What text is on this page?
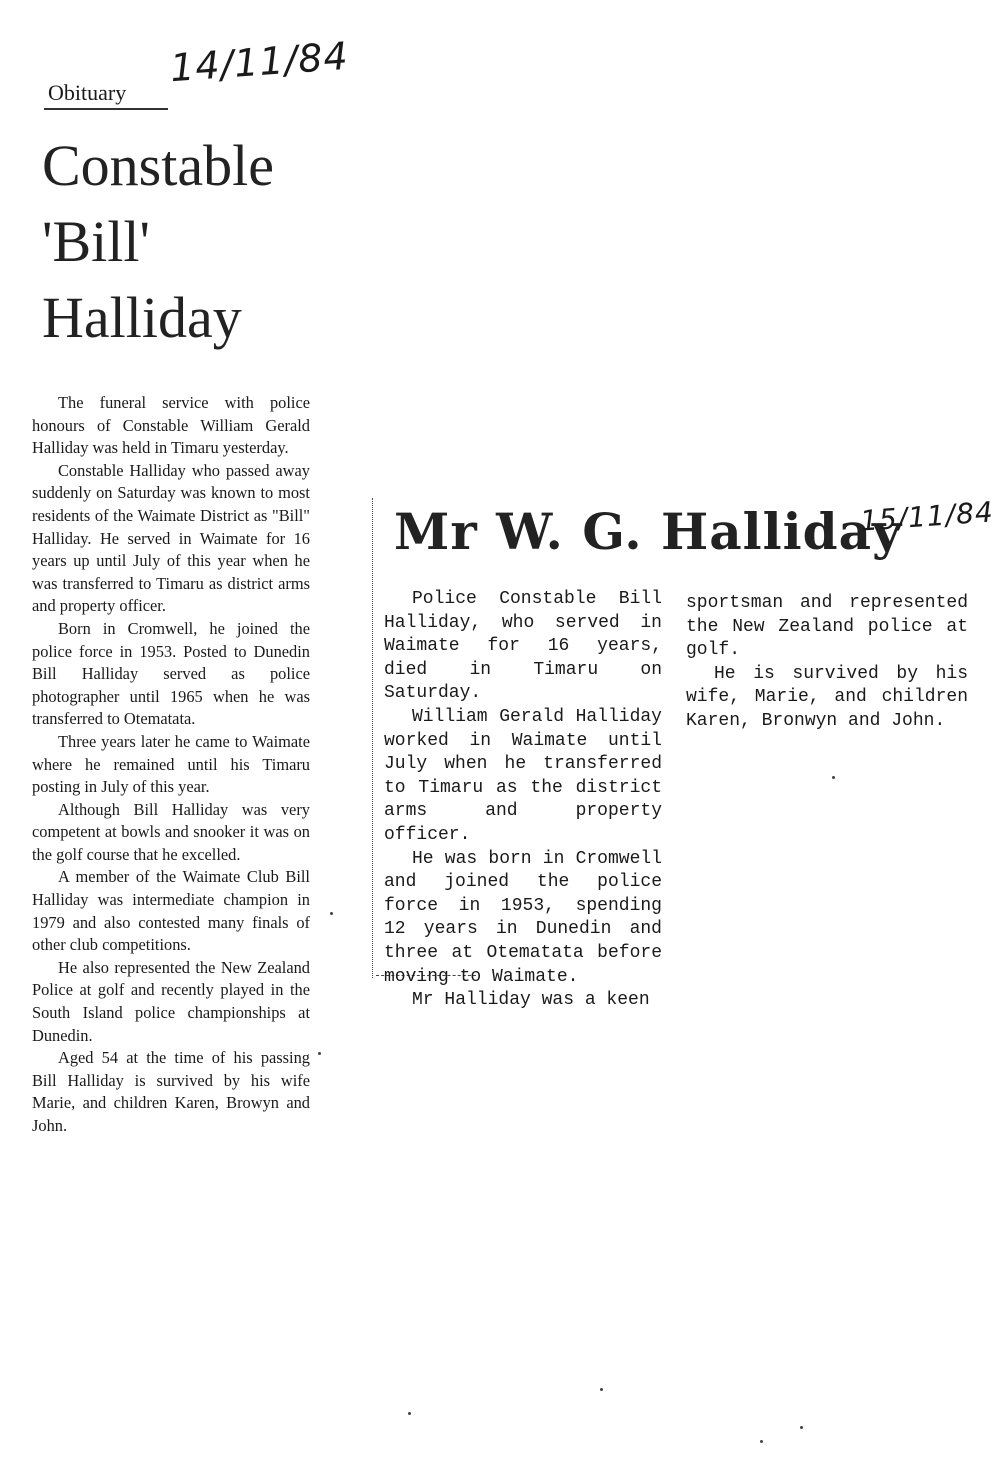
14/11/84
Obituary
Constable 'Bill' Halliday

The funeral service with police honours of Constable William Gerald Halliday was held in Timaru yesterday.

Constable Halliday who passed away suddenly on Saturday was known to most residents of the Waimate District as "Bill" Halliday. He served in Waimate for 16 years up until July of this year when he was transferred to Timaru as district arms and property officer.

Born in Cromwell, he joined the police force in 1953. Posted to Dunedin Bill Halliday served as police photographer until 1965 when he was transferred to Otematata.

Three years later he came to Waimate where he remained until his Timaru posting in July of this year.

Although Bill Halliday was very competent at bowls and snooker it was on the golf course that he excelled.

A member of the Waimate Club Bill Halliday was intermediate champion in 1979 and also contested many finals of other club competitions.

He also represented the New Zealand Police at golf and recently played in the South Island police championships at Dunedin.

Aged 54 at the time of his passing Bill Halliday is survived by his wife Marie, and children Karen, Browyn and John.

Mr W. G. Halliday
15/11/84

Police Constable Bill Halliday, who served in Waimate for 16 years, died in Timaru on Saturday.

William Gerald Halliday worked in Waimate until July when he transferred to Timaru as the district arms and property officer.

He was born in Cromwell and joined the police force in 1953, spending 12 years in Dunedin and three at Otematata before moving to Waimate.

Mr Halliday was a keen

sportsman and represented the New Zealand police at golf.

He is survived by his wife, Marie, and children Karen, Bronwyn and John.
